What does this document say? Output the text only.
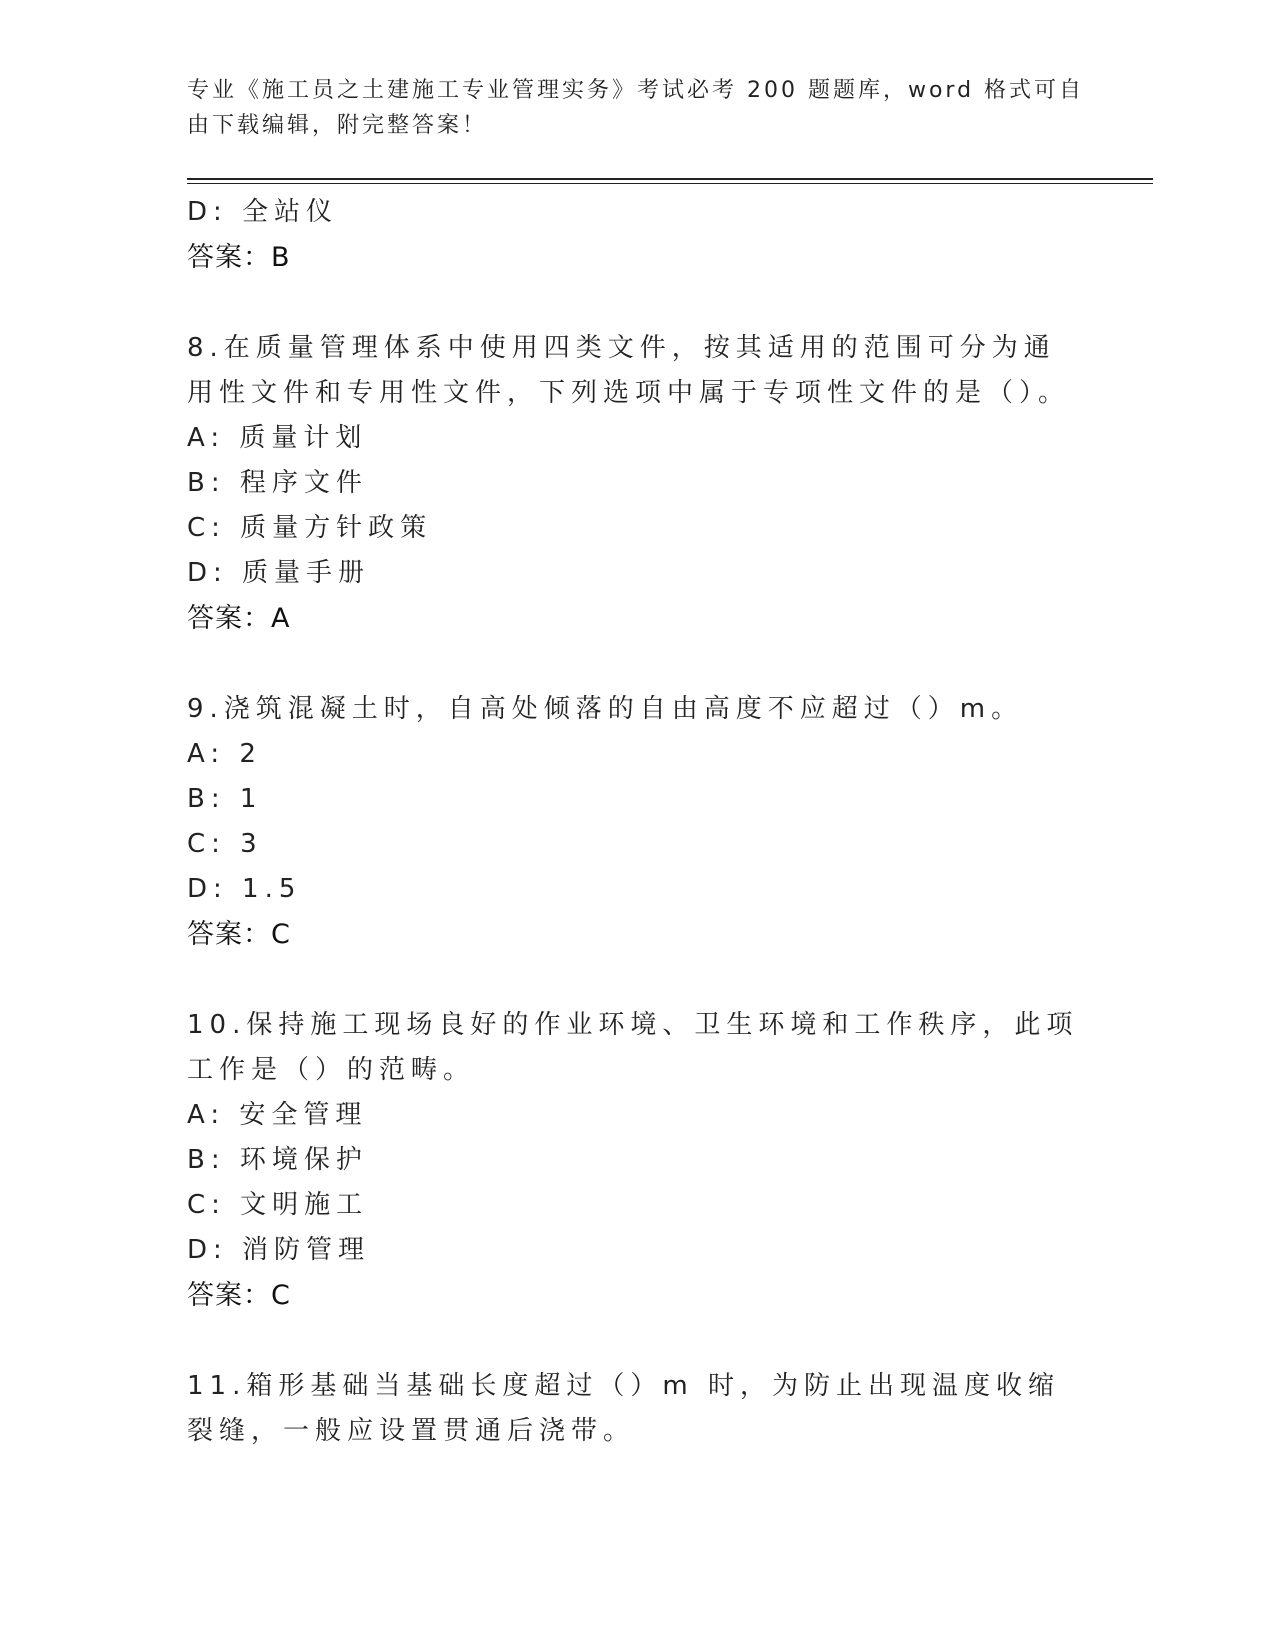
专业《施工员之土建施工专业管理实务》考试必考 200 题题库，word 格式可自由下载编辑，附完整答案！
D: 全站仪
答案：B
8.在质量管理体系中使用四类文件，按其适用的范围可分为通用性文件和专用性文件，下列选项中属于专项性文件的是（）。
A: 质量计划
B: 程序文件
C: 质量方针政策
D: 质量手册
答案：A
9.浇筑混凝土时，自高处倾落的自由高度不应超过（）m。
A: 2
B: 1
C: 3
D: 1.5
答案：C
10.保持施工现场良好的作业环境、卫生环境和工作秩序，此项工作是（）的范畴。
A: 安全管理
B: 环境保护
C: 文明施工
D: 消防管理
答案：C
11.箱形基础当基础长度超过（）m 时，为防止出现温度收缩裂缝，一般应设置贯通后浇带。
